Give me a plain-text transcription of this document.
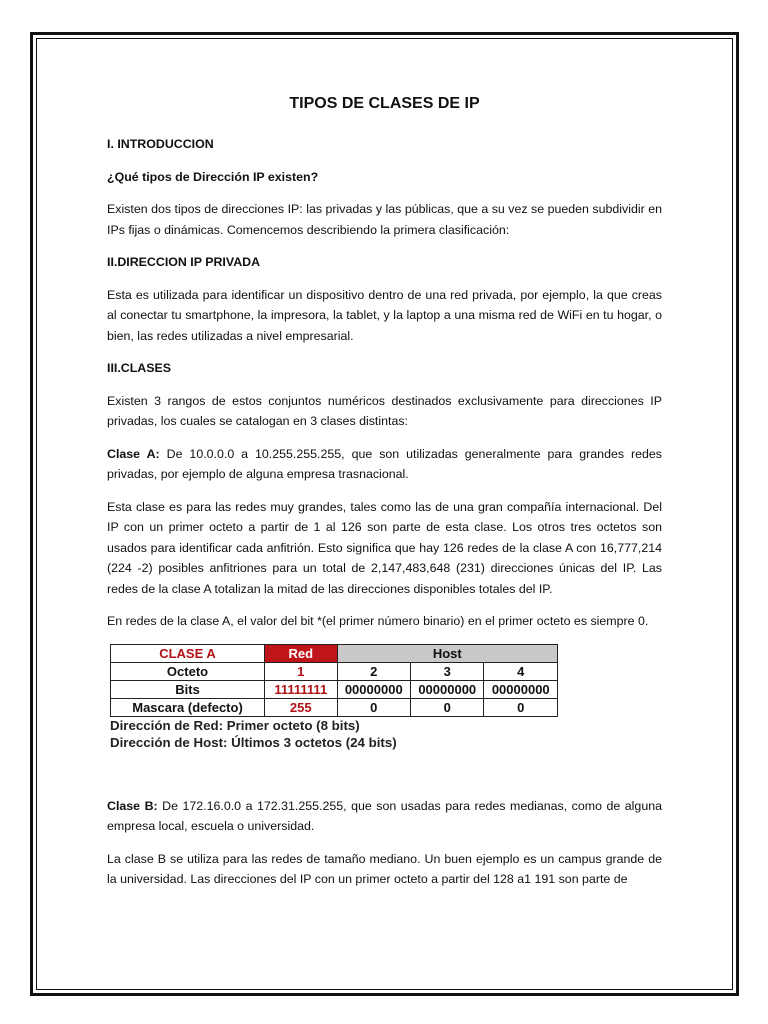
TIPOS DE CLASES DE IP
I. INTRODUCCION
¿Qué tipos de Dirección IP existen?

Existen dos tipos de direcciones IP: las privadas y las públicas, que a su vez se pueden subdividir en IPs fijas o dinámicas. Comencemos describiendo la primera clasificación:

II.DIRECCION IP PRIVADA

Esta es utilizada para identificar un dispositivo dentro de una red privada, por ejemplo, la que creas al conectar tu smartphone, la impresora, la tablet, y la laptop a una misma red de WiFi en tu hogar, o bien, las redes utilizadas a nivel empresarial.

III.CLASES

Existen 3 rangos de estos conjuntos numéricos destinados exclusivamente para direcciones IP privadas, los cuales se catalogan en 3 clases distintas:

Clase A: De 10.0.0.0 a 10.255.255.255, que son utilizadas generalmente para grandes redes privadas, por ejemplo de alguna empresa trasnacional.

Esta clase es para las redes muy grandes, tales como las de una gran compañía internacional. Del IP con un primer octeto a partir de 1 al 126 son parte de esta clase. Los otros tres octetos son usados para identificar cada anfitrión. Esto significa que hay 126 redes de la clase A con 16,777,214 (224 -2) posibles anfitriones para un total de 2,147,483,648 (231) direcciones únicas del IP. Las redes de la clase A totalizan la mitad de las direcciones disponibles totales del IP.

En redes de la clase A, el valor del bit *(el primer número binario) en el primer octeto es siempre 0.

CLASE A	Red	Host		
Octeto	1	2	3	4
Bits	11111111	00000000	00000000	00000000
Mascara (defecto)	255	0	0	0
Dirección de Red: Primer octeto (8 bits)
Dirección de Host: Últimos 3 octetos (24 bits)

Clase B: De 172.16.0.0 a 172.31.255.255, que son usadas para redes medianas, como de alguna empresa local, escuela o universidad.

La clase B se utiliza para las redes de tamaño mediano. Un buen ejemplo es un campus grande de la universidad. Las direcciones del IP con un primer octeto a partir del 128 a1 191 son parte de
